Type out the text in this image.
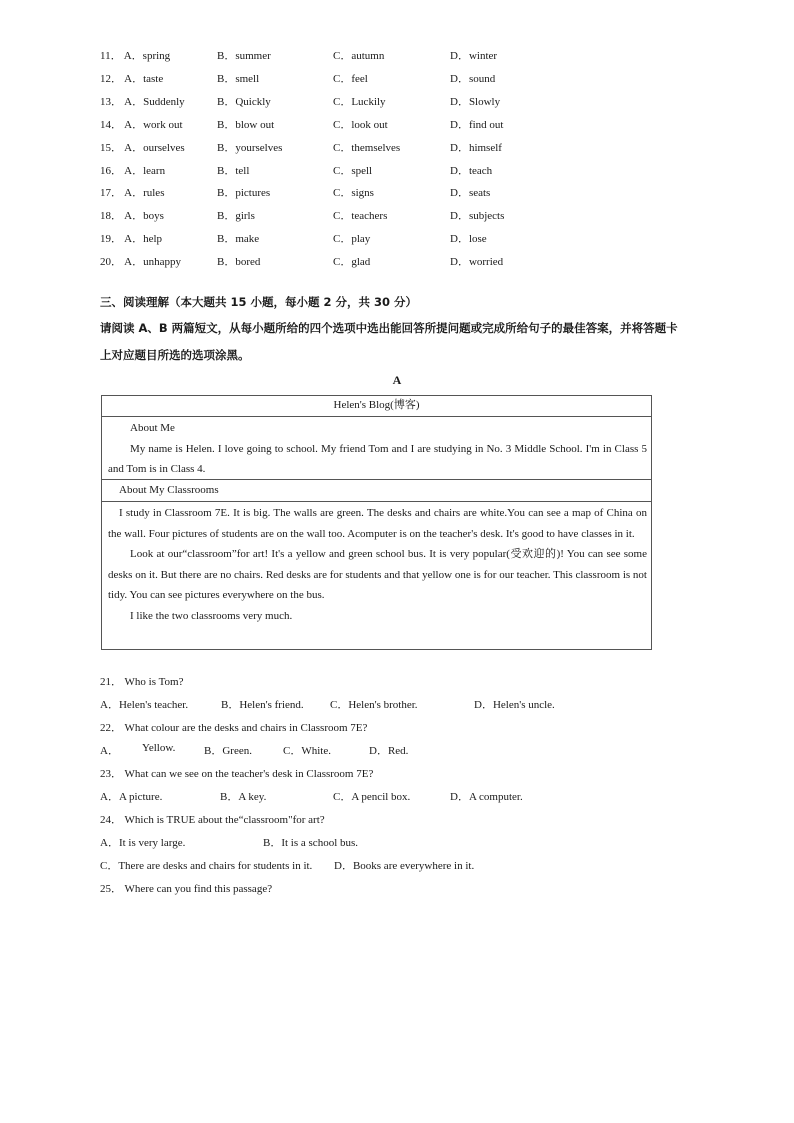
11． A．spring	B．summer	C．autumn	D．winter
12． A．taste	B．smell	C．feel	D．sound
13． A．Suddenly	B．Quickly	C．Luckily	D．Slowly
14． A．work out	B．blow out	C．look out	D．find out
15． A．ourselves	B．yourselves	C．themselves	D．himself
16． A．learn	B．tell	C．spell	D．teach
17． A．rules	B．pictures	C．signs	D．seats
18． A．boys	B．girls	C．teachers	D．subjects
19． A．help	B．make	C．play	D．lose
20． A．unhappy	B．bored	C．glad	D．worried
三、阅读理解（本大题共 15 小题，每小题 2 分，共 30 分）
请阅读 A、B 两篇短文，从每小题所给的四个选项中选出能回答所提问题或完成所给句子的最佳答案，并将答题卡上对应题目所选的选项涂黑。
A
Helen's Blog(博客)

About Me

My name is Helen. I love going to school. My friend Tom and I are studying in No. 3 Middle School. I'm in Class 5 and Tom is in Class 4.

About My Classrooms

I study in Classroom 7E. It is big. The walls are green. The desks and chairs are white.You can see a map of China on the wall. Four pictures of students are on the wall too. Acomputer is on the teacher's desk. It's good to have classes in it.

Look at our“classroom”for art! It's a yellow and green school bus. It is very popular(受欢迎的)! You can see some desks on it. But there are no chairs. Red desks are for students and that yellow one is for our teacher. This classroom is not tidy. You can see pictures everywhere on the bus.

I like the two classrooms very much.

21． Who is Tom?
A．Helen's teacher.	B．Helen's friend. C．Helen's brother.	D．Helen's uncle.
22． What colour are the desks and chairs in Classroom 7E?
A． Yellow.	B．Green.	C．White.	D．Red.
23． What can we see on the teacher's desk in Classroom 7E?
A．A picture.	B．A key.	C．A pencil box.	D．A computer.
24． Which is TRUE about the“classroom"for art?
A．It is very large.	B．It is a school bus.
C．There are desks and chairs for students in it. D．Books are everywhere in it.
25． Where can you find this passage?
